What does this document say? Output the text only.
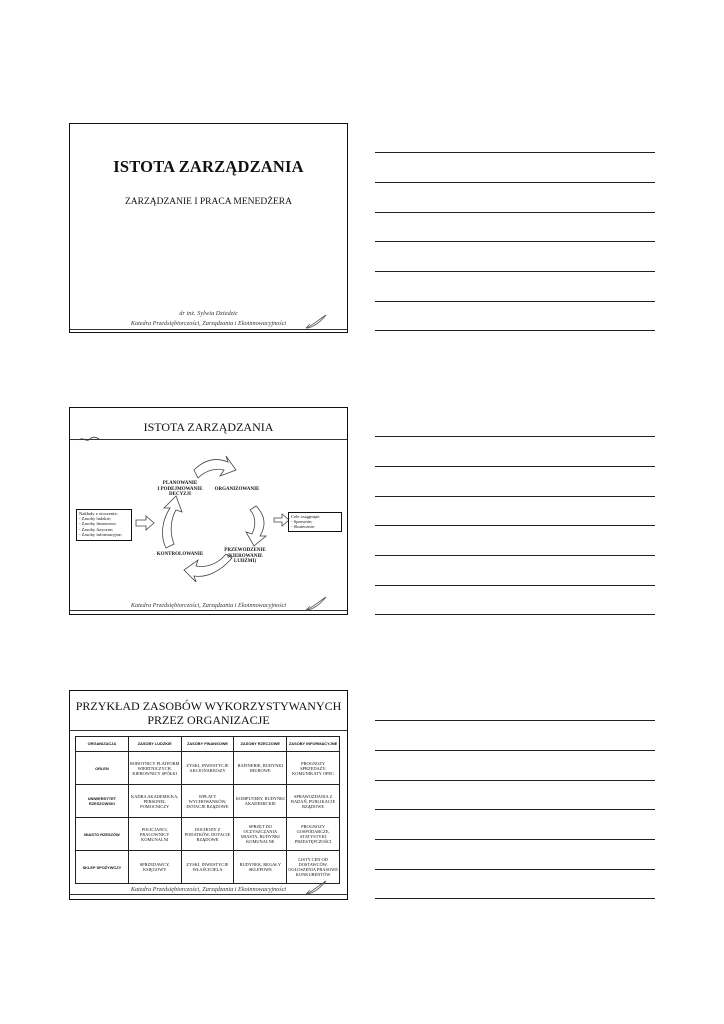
ISTOTA ZARZĄDZANIA
ZARZĄDZANIE I PRACA MENEDŻERA
dr inż. Sylwia Dziedzic
Katedra Przedsiębiorczości, Zarządzania i Ekoinnowacyjności
ISTOTA ZARZĄDZANIA
PLANOWANIE
I PODEJMOWANIE
DECYZJI
ORGANIZOWANIE
PRZEWODZENIE
(KIEROWANIE
LUDŹMI)
KONTROLOWANIE
Nakłady z otoczenia:
- Zasoby ludzkie;
- Zasoby finansowe;
- Zasoby fizyczne;
- Zasoby informacyjne;
Cele osiągnięte:
- Sprawnie;
- Skutecznie;
Katedra Przedsiębiorczości, Zarządzania i Ekoinnowacyjności
PRZYKŁAD ZASOBÓW WYKORZYSTYWANYCH
PRZEZ ORGANIZACJE
ORGANIZACJA	ZASOBY LUDZKIE	ZASOBY FINANSOWE	ZASOBY RZECZOWE	ZASOBY INFORMACYJNE
ORLEN	ROBOTNICY PLATFORM WIERTNICZYCH, KIEROWNICY SPÓŁKI	ZYSKI, INWESTYCJE AKCJONARIUSZY	RAFINERIE, BUDYNKI BIUROWE	PROGNOZY SPRZEDAŻY, KOMUNIKATY OPEC
UNIWERSYTET RZESZOWSKI	KADRA AKADEMICKA, PERSONEL POMOCNICZY	WPŁATY WYCHOWANKÓW, DOTACJE RZĄDOWE	KOMPUTERY, BUDYNKI AKADEMICKIE	SPRAWOZDANIA Z BADAŃ, PUBLIKACJE RZĄDOWE
MIASTO RZESZÓW	POLICJANCI, PRACOWNICY KOMUNALNI	DOCHODY Z PODATKÓW, DOTACJE RZĄDOWE	SPRZĘT DO OCZYSZCZANIA MIASTA, BUDYNKI KOMUNALNE	PROGNOZY GOSPODARCZE, STATYSTYKI PRZESTĘPCZOŚCI
SKLEP SPOŻYWCZY	SPRZEDAWCY, KSIĘGOWY	ZYSKI, INWESTYCJE WŁAŚCICIELA	BUDYNEK, REGAŁY SKLEPOWE	LISTY CEN OD DOSTAWCÓW, OGŁOSZENIA PRASOWE KONKURENTÓW
Katedra Przedsiębiorczości, Zarządzania i Ekoinnowacyjności
